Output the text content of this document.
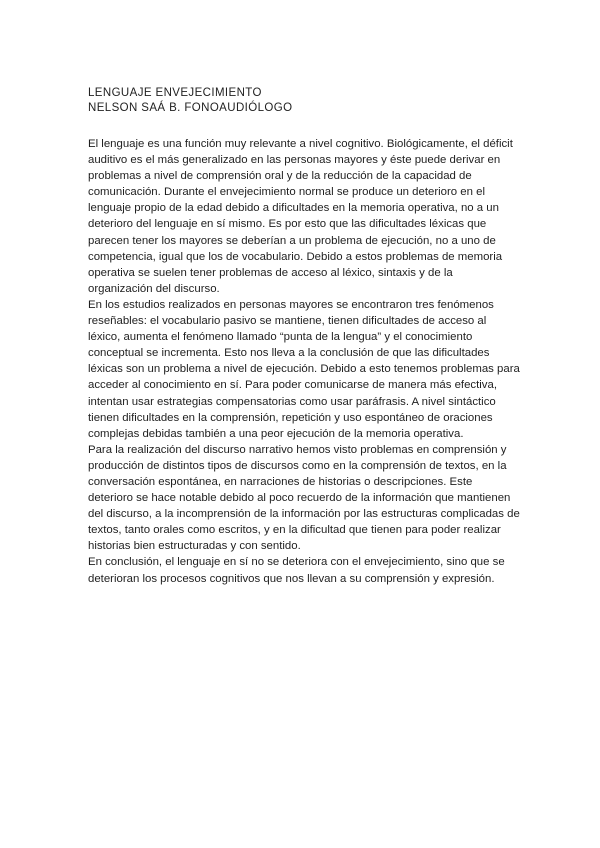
LENGUAJE ENVEJECIMIENTO
NELSON SAÁ B. FONOAUDIÓLOGO

El lenguaje es una función muy relevante a nivel cognitivo. Biológicamente, el déficit auditivo es el más generalizado en las personas mayores y éste puede derivar en problemas a nivel de comprensión oral y de la reducción de la capacidad de comunicación. Durante el envejecimiento normal se produce un deterioro en el lenguaje propio de la edad debido a dificultades en la memoria operativa, no a un deterioro del lenguaje en sí mismo. Es por esto que las dificultades léxicas que parecen tener los mayores se deberían a un problema de ejecución, no a uno de competencia, igual que los de vocabulario. Debido a estos problemas de memoria operativa se suelen tener problemas de acceso al léxico, sintaxis y de la organización del discurso.

En los estudios realizados en personas mayores se encontraron tres fenómenos reseñables: el vocabulario pasivo se mantiene, tienen dificultades de acceso al léxico, aumenta el fenómeno llamado “punta de la lengua” y el conocimiento conceptual se incrementa. Esto nos lleva a la conclusión de que las dificultades léxicas son un problema a nivel de ejecución. Debido a esto tenemos problemas para acceder al conocimiento en sí. Para poder comunicarse de manera más efectiva, intentan usar estrategias compensatorias como usar paráfrasis. A nivel sintáctico tienen dificultades en la comprensión, repetición y uso espontáneo de oraciones complejas debidas también a una peor ejecución de la memoria operativa.

Para la realización del discurso narrativo hemos visto problemas en comprensión y producción de distintos tipos de discursos como en la comprensión de textos, en la conversación espontánea, en narraciones de historias o descripciones. Este deterioro se hace notable debido al poco recuerdo de la información que mantienen del discurso, a la incomprensión de la información por las estructuras complicadas de textos, tanto orales como escritos, y en la dificultad que tienen para poder realizar historias bien estructuradas y con sentido.

En conclusión, el lenguaje en sí no se deteriora con el envejecimiento, sino que se deterioran los procesos cognitivos que nos llevan a su comprensión y expresión.
